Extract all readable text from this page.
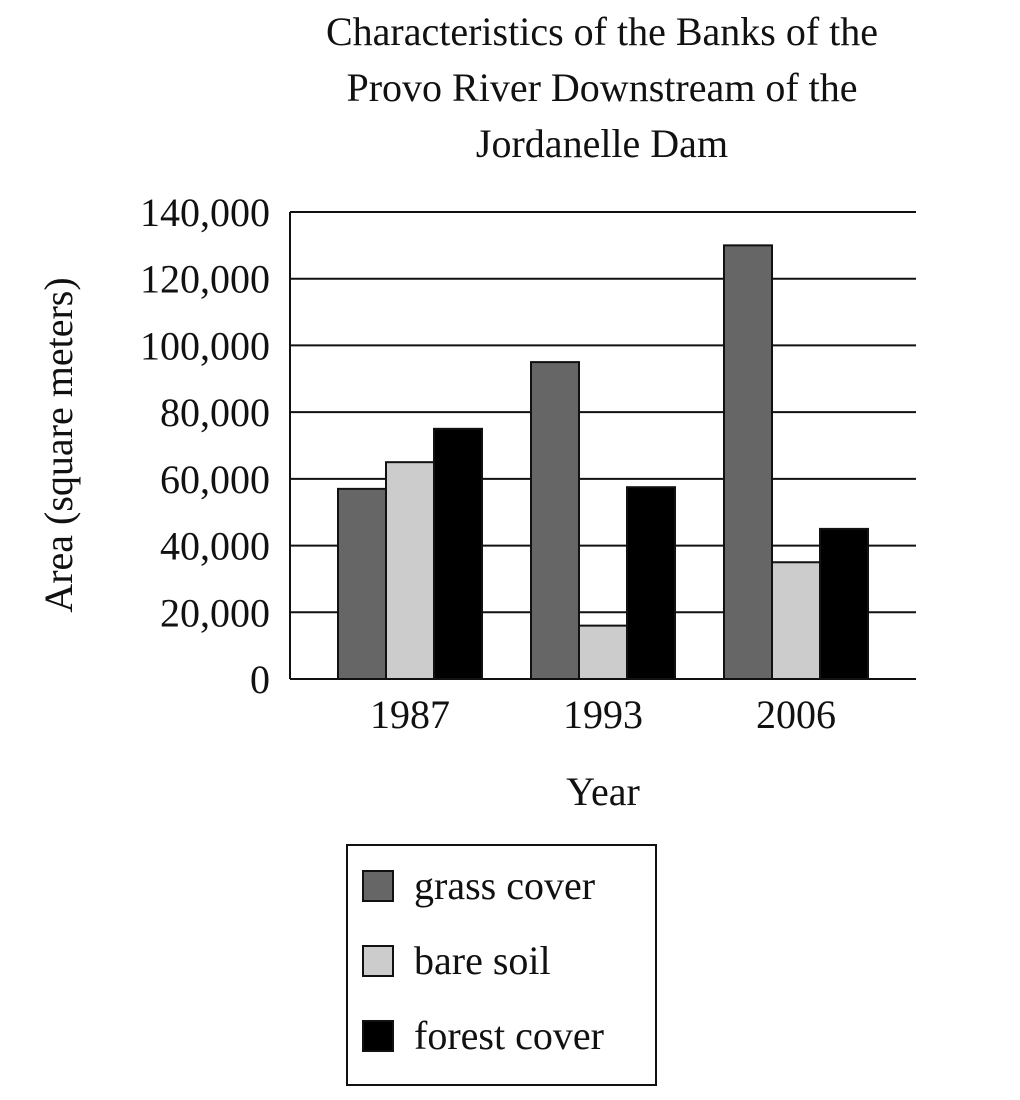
Characteristics of the Banks of the
Provo River Downstream of the
Jordanelle Dam
0
20,000
40,000
60,000
80,000
100,000
120,000
140,000
1987	1993	2006
Year
Area (square meters)
grass cover
bare soil
forest cover
